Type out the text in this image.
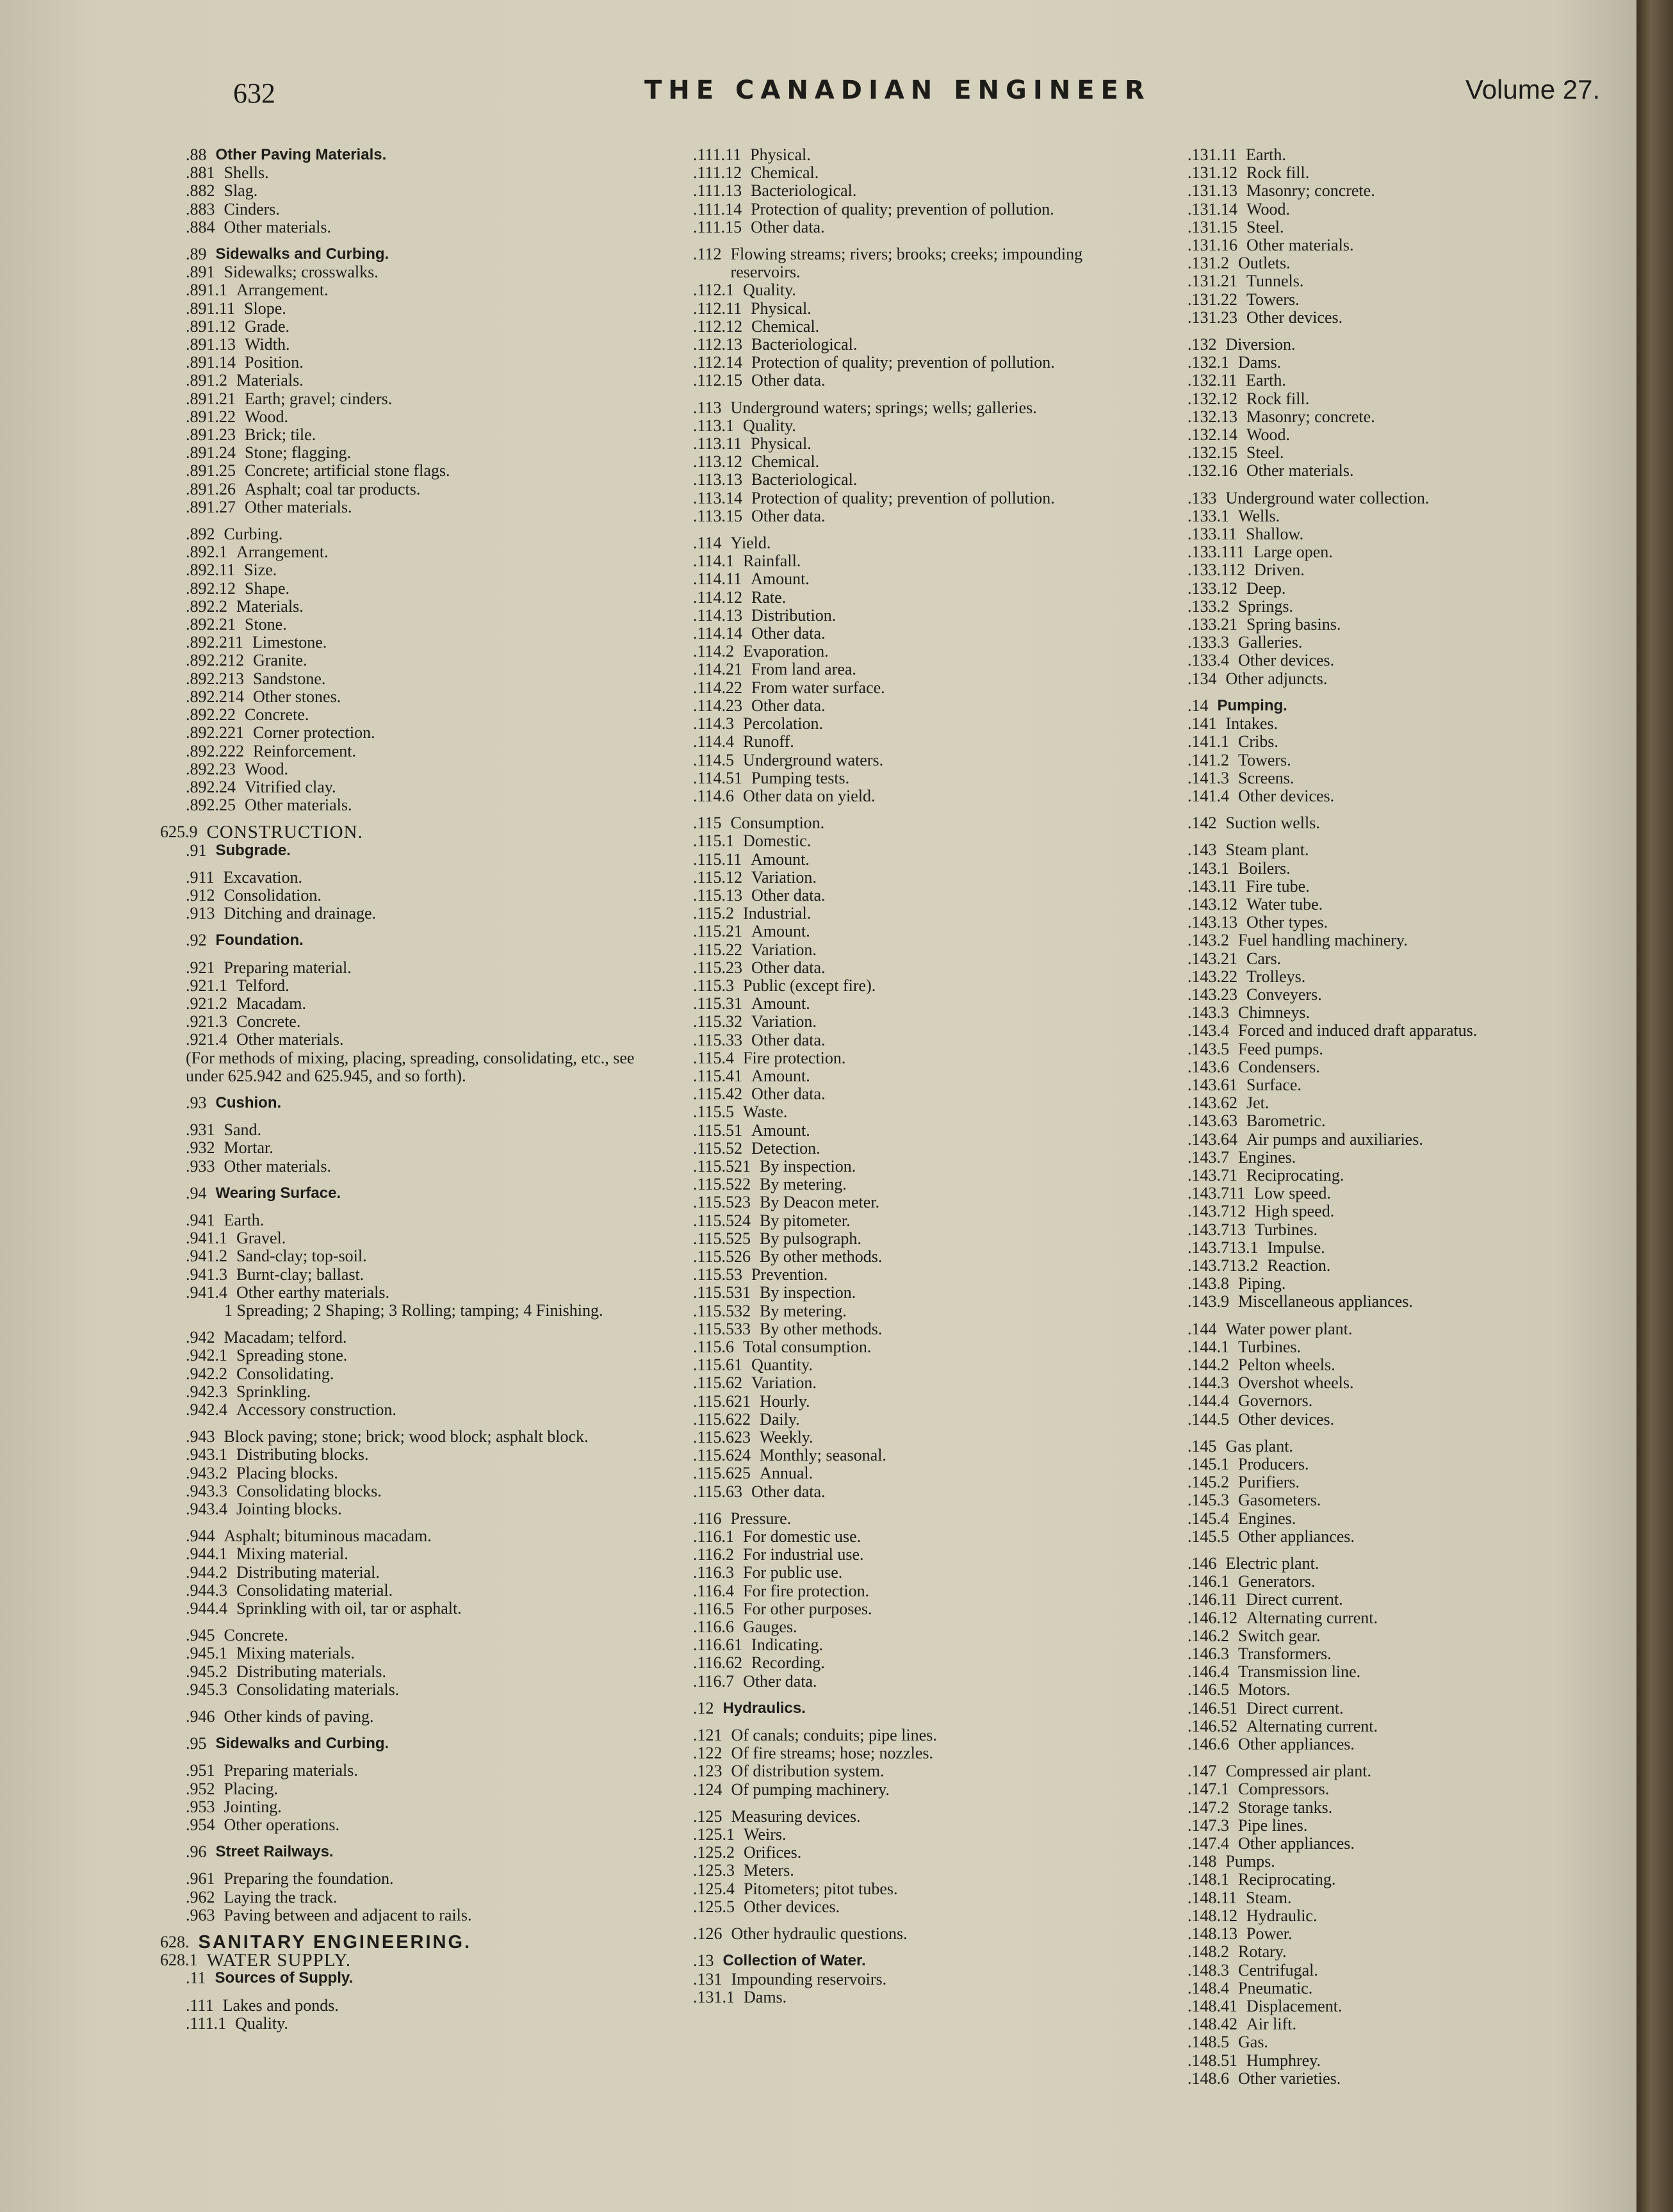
632	THE CANADIAN ENGINEER	Volume 27.
.88 Other Paving Materials.
.881 Shells.
.882 Slag.
.883 Cinders.
.884 Other materials.
.89 Sidewalks and Curbing.
.891 Sidewalks; crosswalks.
.891.1 Arrangement.
.891.11 Slope.
.891.12 Grade.
.891.13 Width.
.891.14 Position.
.891.2 Materials.
.891.21 Earth; gravel; cinders.
.891.22 Wood.
.891.23 Brick; tile.
.891.24 Stone; flagging.
.891.25 Concrete; artificial stone flags.
.891.26 Asphalt; coal tar products.
.891.27 Other materials.
.892 Curbing.
.892.1 Arrangement.
.892.11 Size.
.892.12 Shape.
.892.2 Materials.
.892.21 Stone.
.892.211 Limestone.
.892.212 Granite.
.892.213 Sandstone.
.892.214 Other stones.
.892.22 Concrete.
.892.221 Corner protection.
.892.222 Reinforcement.
.892.23 Wood.
.892.24 Vitrified clay.
.892.25 Other materials.
625.9 CONSTRUCTION.
.91 Subgrade.
.911 Excavation.
.912 Consolidation.
.913 Ditching and drainage.
.92 Foundation.
.921 Preparing material.
.921.1 Telford.
.921.2 Macadam.
.921.3 Concrete.
.921.4 Other materials.
(For methods of mixing, placing, spreading, consolidating, etc., see under 625.942 and 625.945, and so forth).
.93 Cushion.
.931 Sand.
.932 Mortar.
.933 Other materials.
.94 Wearing Surface.
.941 Earth.
.941.1 Gravel.
.941.2 Sand-clay; top-soil.
.941.3 Burnt-clay; ballast.
.941.4 Other earthy materials.
1 Spreading; 2 Shaping; 3 Rolling; tamping; 4 Finishing.
.942 Macadam; telford.
.942.1 Spreading stone.
.942.2 Consolidating.
.942.3 Sprinkling.
.942.4 Accessory construction.
.943 Block paving; stone; brick; wood block; asphalt block.
.943.1 Distributing blocks.
.943.2 Placing blocks.
.943.3 Consolidating blocks.
.943.4 Jointing blocks.
.944 Asphalt; bituminous macadam.
.944.1 Mixing material.
.944.2 Distributing material.
.944.3 Consolidating material.
.944.4 Sprinkling with oil, tar or asphalt.
.945 Concrete.
.945.1 Mixing materials.
.945.2 Distributing materials.
.945.3 Consolidating materials.
.946 Other kinds of paving.
.95 Sidewalks and Curbing.
.951 Preparing materials.
.952 Placing.
.953 Jointing.
.954 Other operations.
.96 Street Railways.
.961 Preparing the foundation.
.962 Laying the track.
.963 Paving between and adjacent to rails.
628. SANITARY ENGINEERING.
628.1 WATER SUPPLY.
.11 Sources of Supply.
.111 Lakes and ponds.
.111.1 Quality.
.111.11 Physical.
.111.12 Chemical.
.111.13 Bacteriological.
.111.14 Protection of quality; prevention of pollution.
.111.15 Other data.
.112 Flowing streams; rivers; brooks; creeks; impounding reservoirs.
.112.1 Quality.
.112.11 Physical.
.112.12 Chemical.
.112.13 Bacteriological.
.112.14 Protection of quality; prevention of pollution.
.112.15 Other data.
.113 Underground waters; springs; wells; galleries.
.113.1 Quality.
.113.11 Physical.
.113.12 Chemical.
.113.13 Bacteriological.
.113.14 Protection of quality; prevention of pollution.
.113.15 Other data.
.114 Yield.
.114.1 Rainfall.
.114.11 Amount.
.114.12 Rate.
.114.13 Distribution.
.114.14 Other data.
.114.2 Evaporation.
.114.21 From land area.
.114.22 From water surface.
.114.23 Other data.
.114.3 Percolation.
.114.4 Runoff.
.114.5 Underground waters.
.114.51 Pumping tests.
.114.6 Other data on yield.
.115 Consumption.
.115.1 Domestic.
.115.11 Amount.
.115.12 Variation.
.115.13 Other data.
.115.2 Industrial.
.115.21 Amount.
.115.22 Variation.
.115.23 Other data.
.115.3 Public (except fire).
.115.31 Amount.
.115.32 Variation.
.115.33 Other data.
.115.4 Fire protection.
.115.41 Amount.
.115.42 Other data.
.115.5 Waste.
.115.51 Amount.
.115.52 Detection.
.115.521 By inspection.
.115.522 By metering.
.115.523 By Deacon meter.
.115.524 By pitometer.
.115.525 By pulsograph.
.115.526 By other methods.
.115.53 Prevention.
.115.531 By inspection.
.115.532 By metering.
.115.533 By other methods.
.115.6 Total consumption.
.115.61 Quantity.
.115.62 Variation.
.115.621 Hourly.
.115.622 Daily.
.115.623 Weekly.
.115.624 Monthly; seasonal.
.115.625 Annual.
.115.63 Other data.
.116 Pressure.
.116.1 For domestic use.
.116.2 For industrial use.
.116.3 For public use.
.116.4 For fire protection.
.116.5 For other purposes.
.116.6 Gauges.
.116.61 Indicating.
.116.62 Recording.
.116.7 Other data.
.12 Hydraulics.
.121 Of canals; conduits; pipe lines.
.122 Of fire streams; hose; nozzles.
.123 Of distribution system.
.124 Of pumping machinery.
.125 Measuring devices.
.125.1 Weirs.
.125.2 Orifices.
.125.3 Meters.
.125.4 Pitometers; pitot tubes.
.125.5 Other devices.
.126 Other hydraulic questions.
.13 Collection of Water.
.131 Impounding reservoirs.
.131.1 Dams.
.131.11 Earth.
.131.12 Rock fill.
.131.13 Masonry; concrete.
.131.14 Wood.
.131.15 Steel.
.131.16 Other materials.
.131.2 Outlets.
.131.21 Tunnels.
.131.22 Towers.
.131.23 Other devices.
.132 Diversion.
.132.1 Dams.
.132.11 Earth.
.132.12 Rock fill.
.132.13 Masonry; concrete.
.132.14 Wood.
.132.15 Steel.
.132.16 Other materials.
.133 Underground water collection.
.133.1 Wells.
.133.11 Shallow.
.133.111 Large open.
.133.112 Driven.
.133.12 Deep.
.133.2 Springs.
.133.21 Spring basins.
.133.3 Galleries.
.133.4 Other devices.
.134 Other adjuncts.
.14 Pumping.
.141 Intakes.
.141.1 Cribs.
.141.2 Towers.
.141.3 Screens.
.141.4 Other devices.
.142 Suction wells.
.143 Steam plant.
.143.1 Boilers.
.143.11 Fire tube.
.143.12 Water tube.
.143.13 Other types.
.143.2 Fuel handling machinery.
.143.21 Cars.
.143.22 Trolleys.
.143.23 Conveyers.
.143.3 Chimneys.
.143.4 Forced and induced draft apparatus.
.143.5 Feed pumps.
.143.6 Condensers.
.143.61 Surface.
.143.62 Jet.
.143.63 Barometric.
.143.64 Air pumps and auxiliaries.
.143.7 Engines.
.143.71 Reciprocating.
.143.711 Low speed.
.143.712 High speed.
.143.713 Turbines.
.143.713.1 Impulse.
.143.713.2 Reaction.
.143.8 Piping.
.143.9 Miscellaneous appliances.
.144 Water power plant.
.144.1 Turbines.
.144.2 Pelton wheels.
.144.3 Overshot wheels.
.144.4 Governors.
.144.5 Other devices.
.145 Gas plant.
.145.1 Producers.
.145.2 Purifiers.
.145.3 Gasometers.
.145.4 Engines.
.145.5 Other appliances.
.146 Electric plant.
.146.1 Generators.
.146.11 Direct current.
.146.12 Alternating current.
.146.2 Switch gear.
.146.3 Transformers.
.146.4 Transmission line.
.146.5 Motors.
.146.51 Direct current.
.146.52 Alternating current.
.146.6 Other appliances.
.147 Compressed air plant.
.147.1 Compressors.
.147.2 Storage tanks.
.147.3 Pipe lines.
.147.4 Other appliances.
.148 Pumps.
.148.1 Reciprocating.
.148.11 Steam.
.148.12 Hydraulic.
.148.13 Power.
.148.2 Rotary.
.148.3 Centrifugal.
.148.4 Pneumatic.
.148.41 Displacement.
.148.42 Air lift.
.148.5 Gas.
.148.51 Humphrey.
.148.6 Other varieties.
